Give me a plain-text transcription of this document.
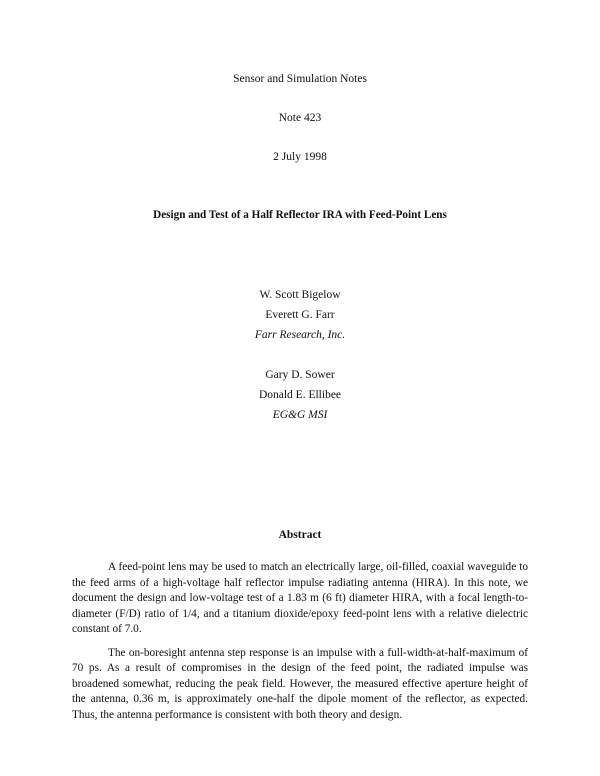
Sensor and Simulation Notes
Note 423
2 July 1998
Design and Test of a Half Reflector IRA with Feed-Point Lens
W. Scott Bigelow
Everett G. Farr
Farr Research, Inc.
Gary D. Sower
Donald E. Ellibee
EG&G MSI
Abstract

A feed-point lens may be used to match an electrically large, oil-filled, coaxial waveguide to the feed arms of a high-voltage half reflector impulse radiating antenna (HIRA). In this note, we document the design and low-voltage test of a 1.83 m (6 ft) diameter HIRA, with a focal length-to-diameter (F/D) ratio of 1/4, and a titanium dioxide/epoxy feed-point lens with a relative dielectric constant of 7.0.

The on-boresight antenna step response is an impulse with a full-width-at-half-maximum of 70 ps. As a result of compromises in the design of the feed point, the radiated impulse was broadened somewhat, reducing the peak field. However, the measured effective aperture height of the antenna, 0.36 m, is approximately one-half the dipole moment of the reflector, as expected. Thus, the antenna performance is consistent with both theory and design.
